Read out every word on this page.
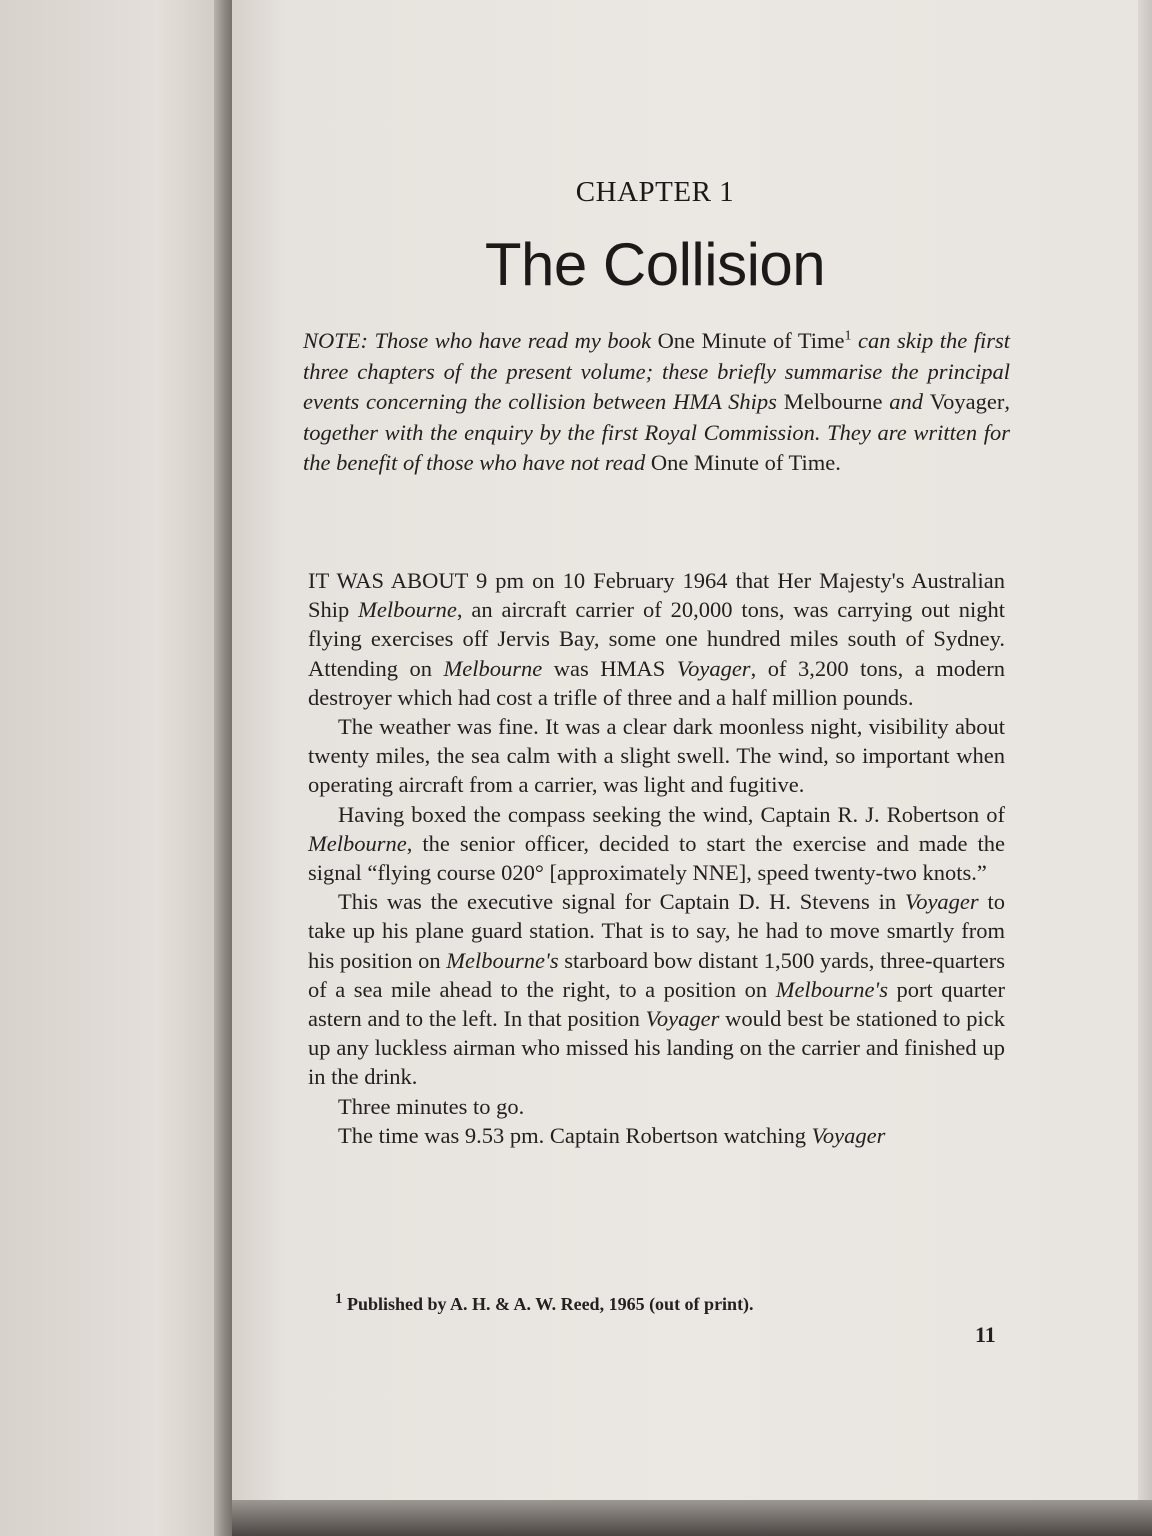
CHAPTER 1
The Collision

NOTE: Those who have read my book One Minute of Time$^1$ can skip the first three chapters of the present volume; these briefly summarise the principal events concerning the collision between HMA Ships Melbourne and Voyager, together with the enquiry by the first Royal Commission. They are written for the benefit of those who have not read One Minute of Time.

IT WAS ABOUT 9 pm on 10 February 1964 that Her Majesty's Australian Ship Melbourne, an aircraft carrier of 20,000 tons, was carrying out night flying exercises off Jervis Bay, some one hundred miles south of Sydney. Attending on Melbourne was HMAS Voyager, of 3,200 tons, a modern destroyer which had cost a trifle of three and a half million pounds.

The weather was fine. It was a clear dark moonless night, visibility about twenty miles, the sea calm with a slight swell. The wind, so important when operating aircraft from a carrier, was light and fugitive.

Having boxed the compass seeking the wind, Captain R. J. Robertson of Melbourne, the senior officer, decided to start the exercise and made the signal “flying course 020° [approximately NNE], speed twenty-two knots.”

This was the executive signal for Captain D. H. Stevens in Voyager to take up his plane guard station. That is to say, he had to move smartly from his position on Melbourne's starboard bow distant 1,500 yards, three-quarters of a sea mile ahead to the right, to a position on Melbourne's port quarter astern and to the left. In that position Voyager would best be stationed to pick up any luckless airman who missed his landing on the carrier and finished up in the drink.

Three minutes to go.

The time was 9.53 pm. Captain Robertson watching Voyager

$^1$ Published by A. H. & A. W. Reed, 1965 (out of print).
11
